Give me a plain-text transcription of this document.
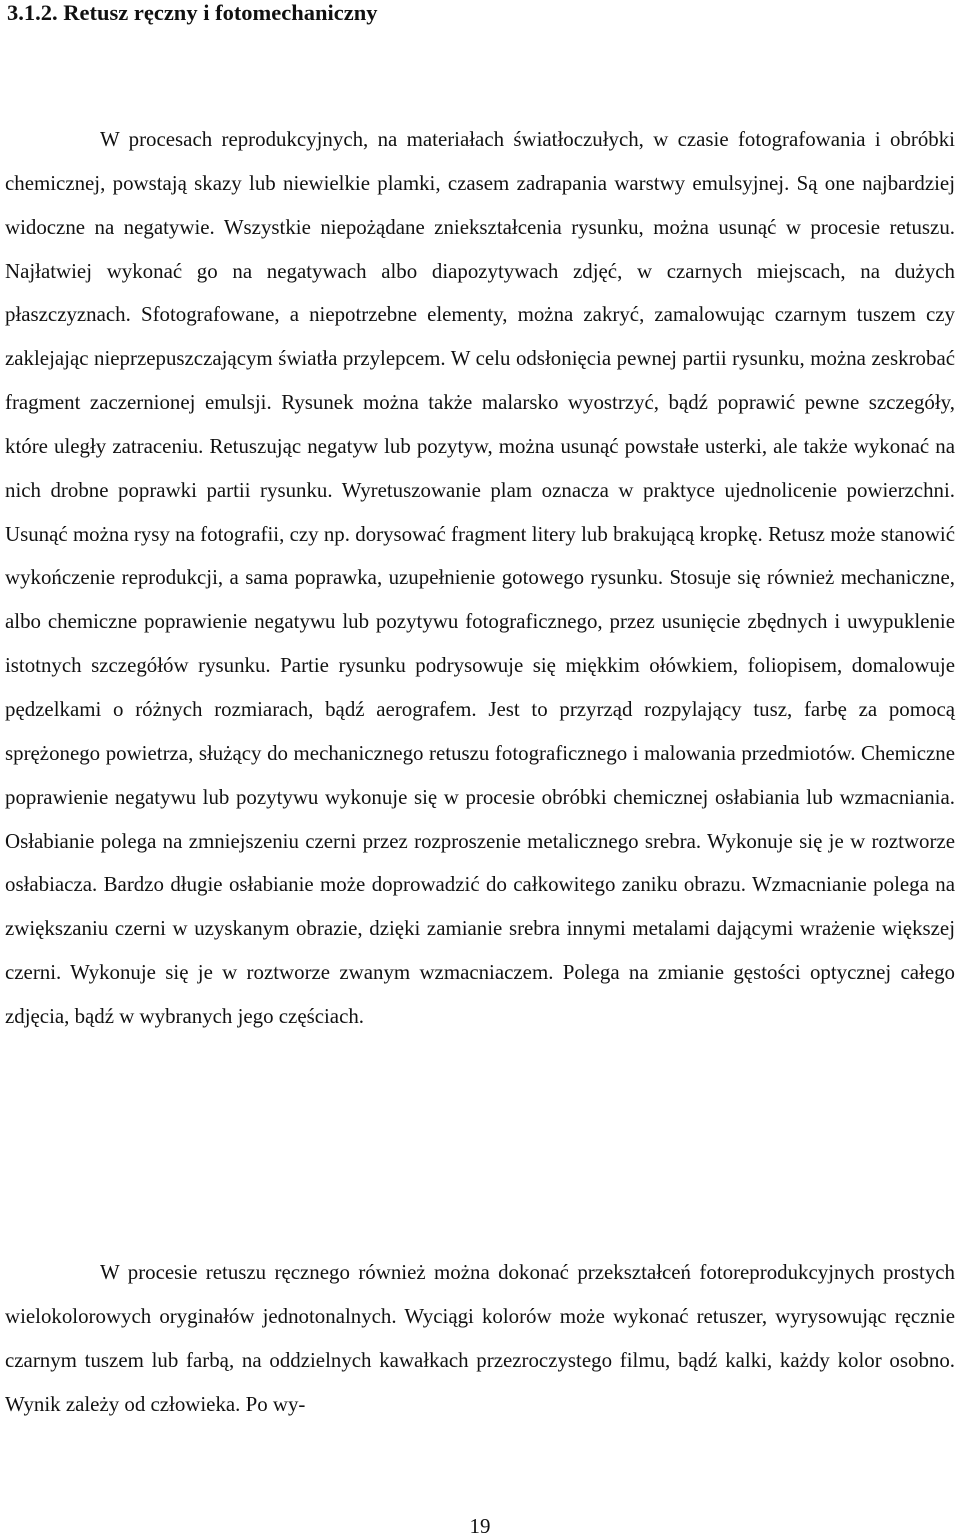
3.1.2. Retusz ręczny i fotomechaniczny

W procesach reprodukcyjnych, na materiałach światłoczułych, w czasie fotografowania i obróbki chemicznej, powstają skazy lub niewielkie plamki, czasem zadrapania warstwy emulsyjnej. Są one najbardziej widoczne na negatywie. Wszystkie niepożądane zniekształcenia rysunku, można usunąć w procesie retuszu. Najłatwiej wykonać go na negatywach albo diapozytywach zdjęć, w czarnych miejscach, na dużych płaszczyznach. Sfotografowane, a niepotrzebne elementy, można zakryć, zamalowując czarnym tuszem czy zaklejając nieprzepuszczającym światła przylepcem. W celu odsłonięcia pewnej partii rysunku, można zeskrobać fragment zaczernionej emulsji. Rysunek można także malarsko wyostrzyć, bądź poprawić pewne szczegóły, które uległy zatraceniu. Retuszując negatyw lub pozytyw, można usunąć powstałe usterki, ale także wykonać na nich drobne poprawki partii rysunku. Wyretuszowanie plam oznacza w praktyce ujednolicenie powierzchni. Usunąć można rysy na fotografii, czy np. dorysować fragment litery lub brakującą kropkę. Retusz może stanowić wykończenie reprodukcji, a sama poprawka, uzupełnienie gotowego rysunku. Stosuje się również mechaniczne, albo chemiczne poprawienie negatywu lub pozytywu fotograficznego, przez usunięcie zbędnych i uwypuklenie istotnych szczegółów rysunku. Partie rysunku podrysowuje się miękkim ołówkiem, foliopisem, domalowuje pędzelkami o różnych rozmiarach, bądź aerografem. Jest to przyrząd rozpylający tusz, farbę za pomocą sprężonego powietrza, służący do mechanicznego retuszu fotograficznego i malowania przedmiotów. Chemiczne poprawienie negatywu lub pozytywu wykonuje się w procesie obróbki chemicznej osłabiania lub wzmacniania. Osłabianie polega na zmniejszeniu czerni przez rozproszenie metalicznego srebra. Wykonuje się je w roztworze osłabiacza. Bardzo długie osłabianie może doprowadzić do całkowitego zaniku obrazu. Wzmacnianie polega na zwiększaniu czerni w uzyskanym obrazie, dzięki zamianie srebra innymi metalami dającymi wrażenie większej czerni. Wykonuje się je w roztworze zwanym wzmacniaczem. Polega na zmianie gęstości optycznej całego zdjęcia, bądź w wybranych jego częściach.

W procesie retuszu ręcznego również można dokonać przekształceń fotoreprodukcyjnych prostych wielokolorowych oryginałów jednotonalnych. Wyciągi kolorów może wykonać retuszer, wyrysowując ręcznie czarnym tuszem lub farbą, na oddzielnych kawałkach przezroczystego filmu, bądź kalki, każdy kolor osobno. Wynik zależy od człowieka. Po wy-

19
